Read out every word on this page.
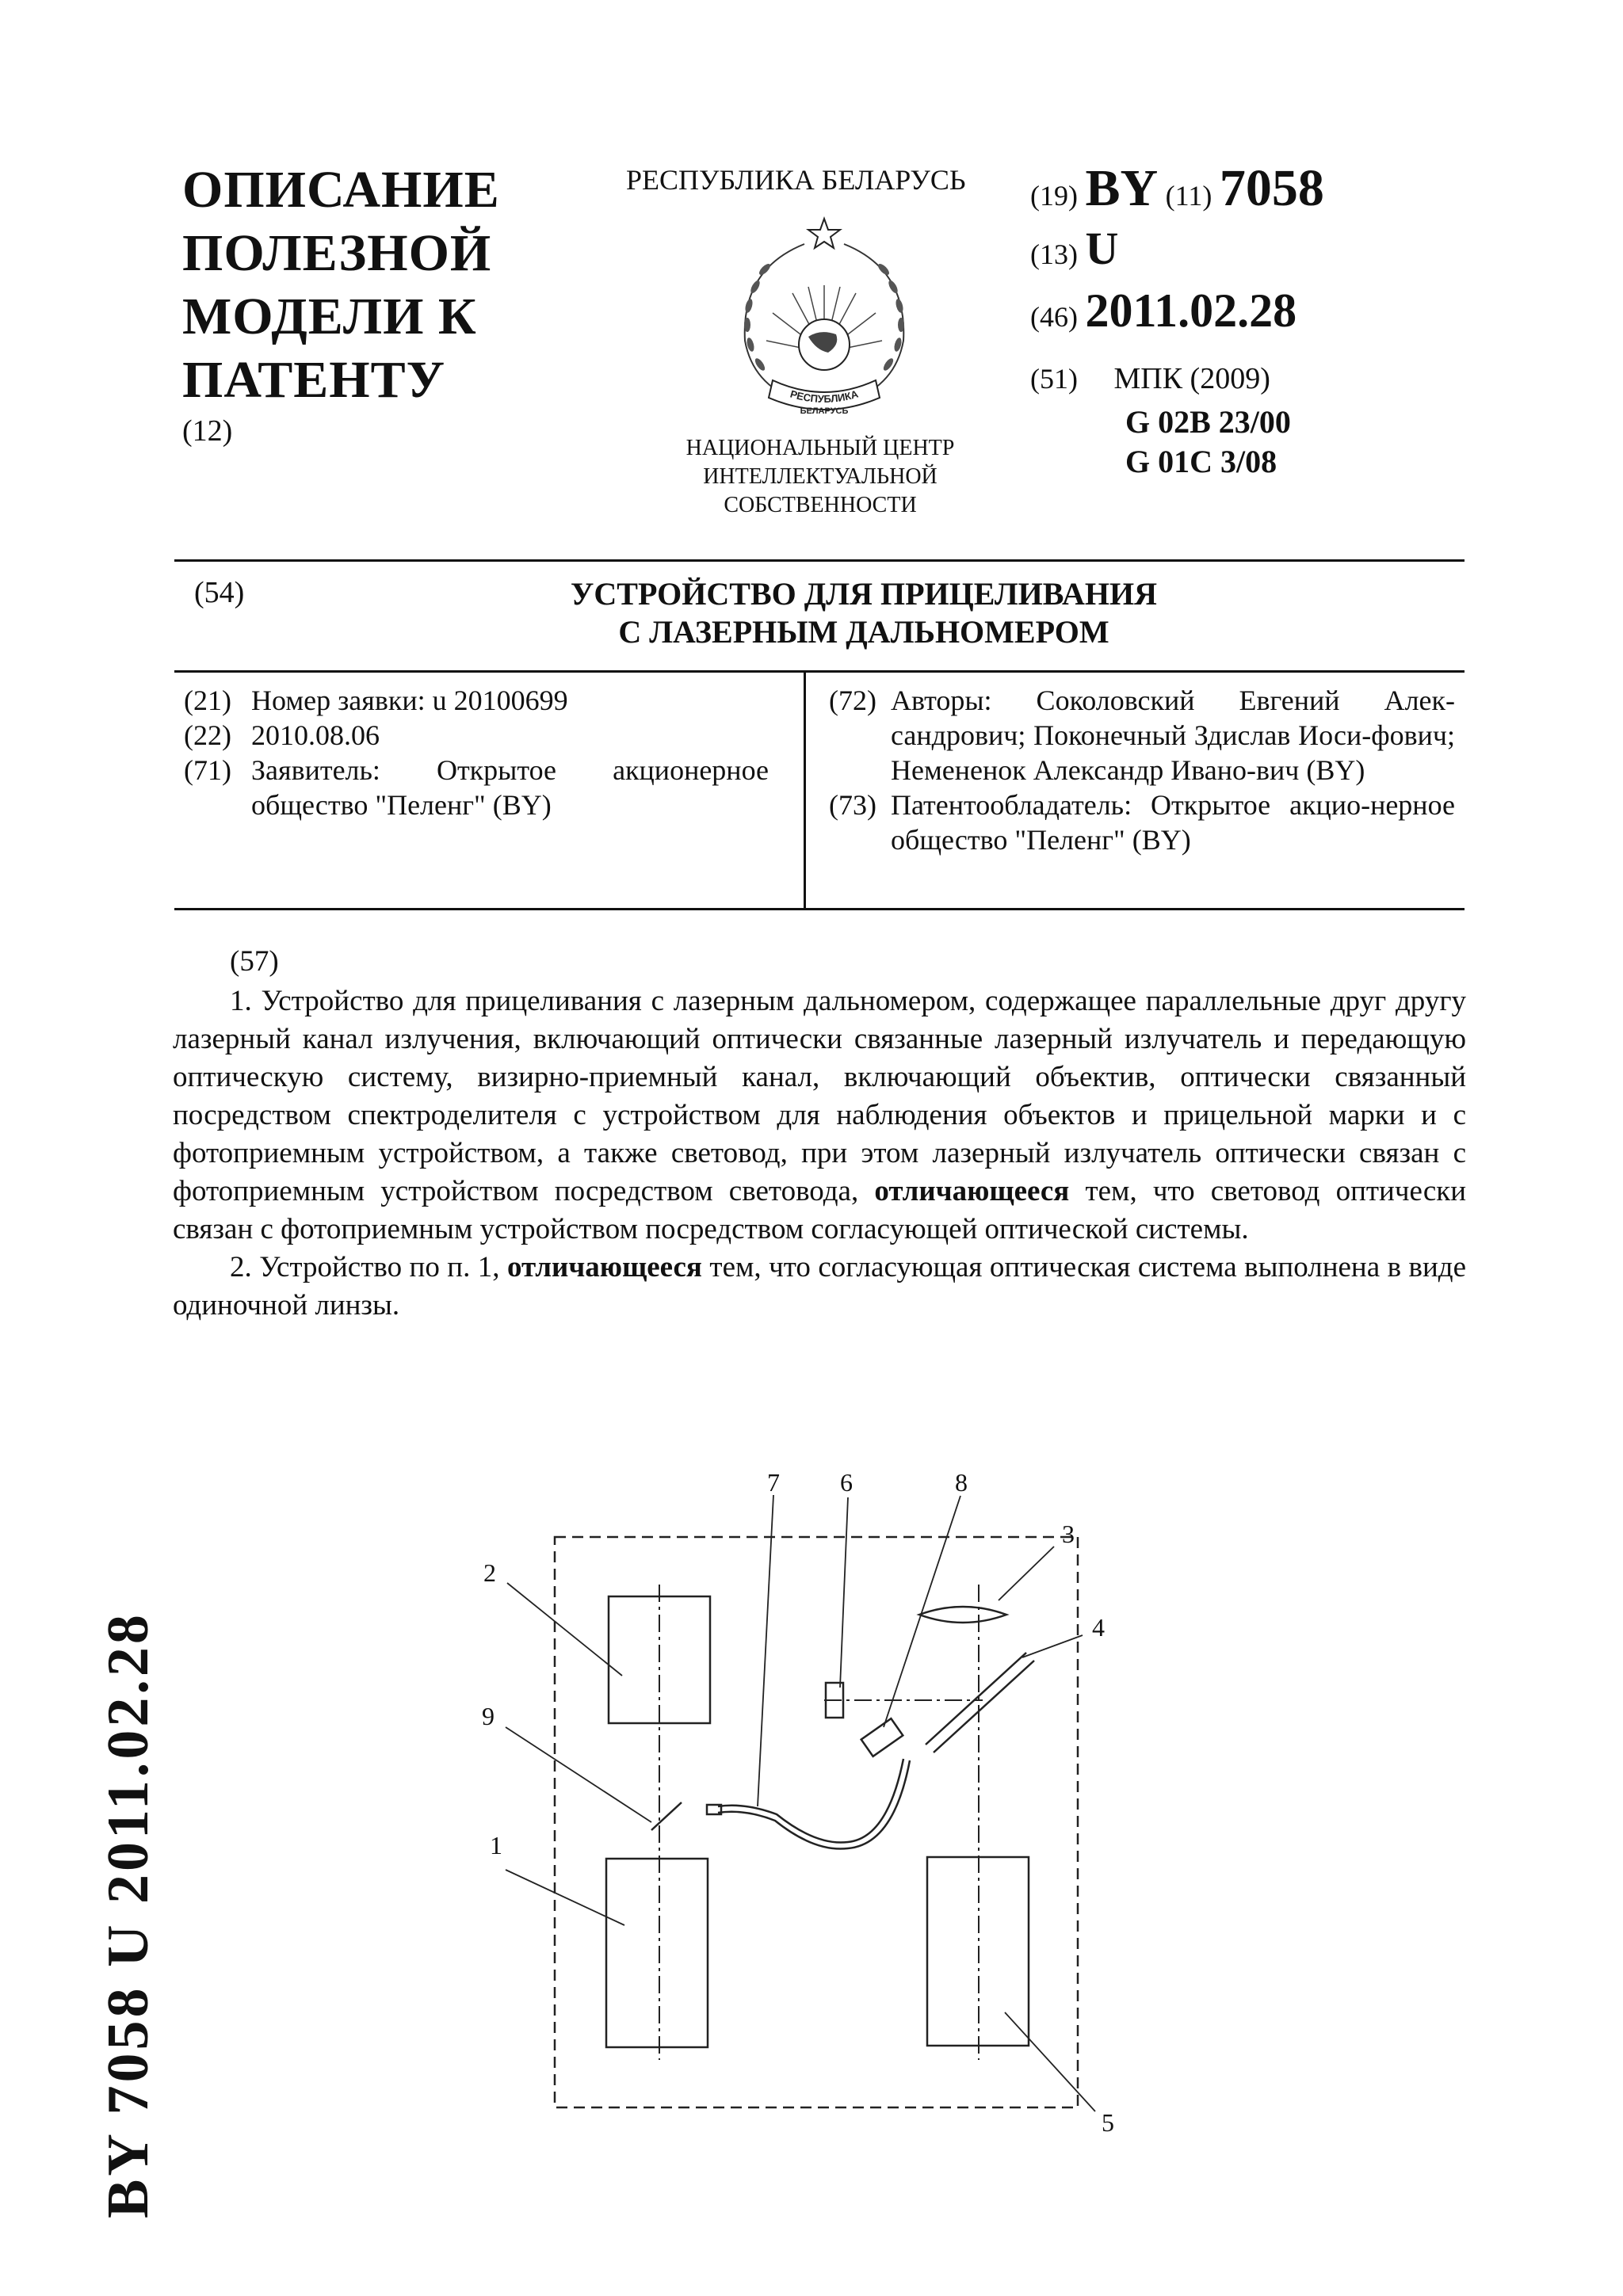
ОПИСАНИЕ
ПОЛЕЗНОЙ
МОДЕЛИ К
ПАТЕНТУ
(12)
РЕСПУБЛИКА БЕЛАРУСЬ
РЕСПУБЛИКА
БЕЛАРУСЬ
НАЦИОНАЛЬНЫЙ ЦЕНТР
ИНТЕЛЛЕКТУАЛЬНОЙ
СОБСТВЕННОСТИ
(19) BY (11) 7058
(13) U
(46) 2011.02.28
(51) МПК (2009)
G 02B 23/00
G 01C 3/08
(54)	УСТРОЙСТВО ДЛЯ ПРИЦЕЛИВАНИЯ
С ЛАЗЕРНЫМ ДАЛЬНОМЕРОМ
(21) Номер заявки: u 20100699
(22) 2010.08.06
(71) Заявитель: Открытое акционерное общество "Пеленг" (BY)
(72) Авторы: Соколовский Евгений Алек-сандрович; Поконечный Здислав Иоси-фович; Немененок Александр Ивано-вич (BY)
(73) Патентообладатель: Открытое акцио-нерное общество "Пеленг" (BY)
(57)

1. Устройство для прицеливания с лазерным дальномером, содержащее параллельные друг другу лазерный канал излучения, включающий оптически связанные лазерный излучатель и передающую оптическую систему, визирно-приемный канал, включающий объектив, оптически связанный посредством спектроделителя с устройством для наблюдения объектов и прицельной марки и с фотоприемным устройством, а также световод, при этом лазерный излучатель оптически связан с фотоприемным устройством посредством световода, отличающееся тем, что световод оптически связан с фотоприемным устройством посредством согласующей оптической системы.

2. Устройство по п. 1, отличающееся тем, что согласующая оптическая система выполнена в виде одиночной линзы.

BY 7058 U 2011.02.28	1
2
3
4
5
6
7	8
9
